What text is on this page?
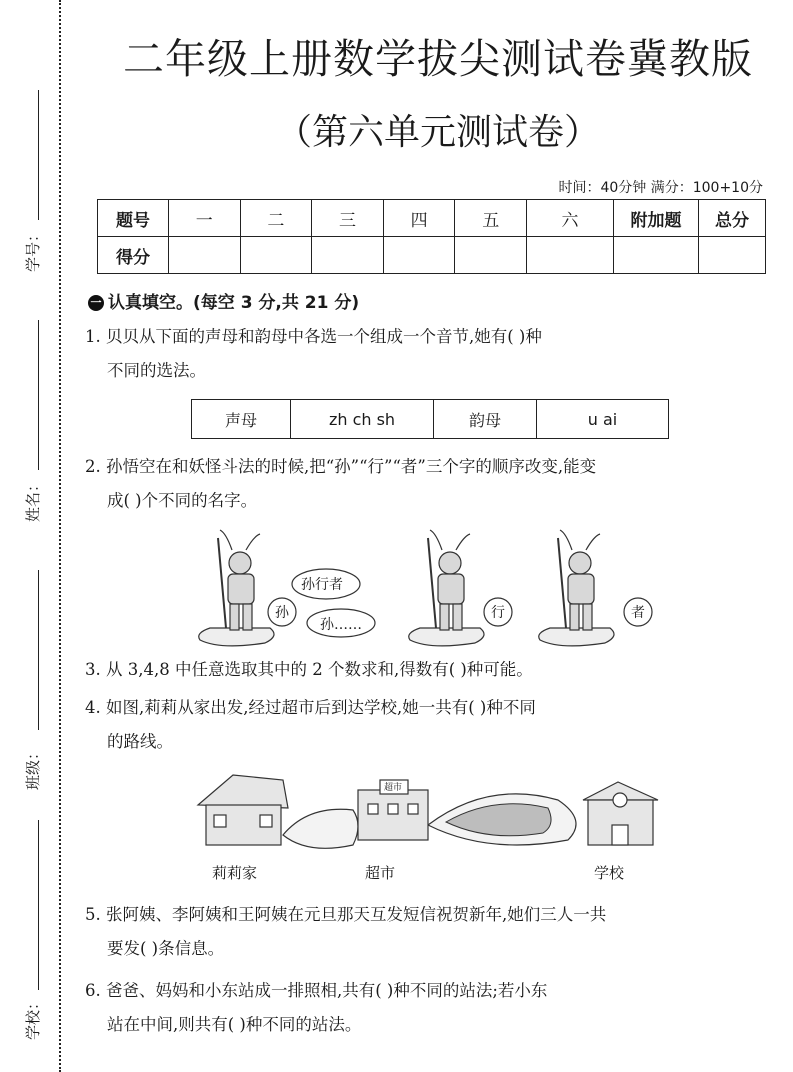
学号：
姓名：
班级：
学校：
二年级上册数学拔尖测试卷冀教版
（第六单元测试卷）
时间：40分钟 满分：100+10分
题号	一	二	三	四	五	六	附加题	总分
得分								
一 认真填空。(每空 3 分,共 21 分)
1. 贝贝从下面的声母和韵母中各选一个组成一个音节,她有( )种
不同的选法。
声母	zh ch sh	韵母	u ai
2. 孙悟空在和妖怪斗法的时候,把“孙”“行”“者”三个字的顺序改变,能变
成( )个不同的名字。
孙行者
孙……
孙	行	者
3. 从 3,4,8 中任意选取其中的 2 个数求和,得数有( )种可能。
4. 如图,莉莉从家出发,经过超市后到达学校,她一共有( )种不同
的路线。
超市
莉莉家	超市	学校
5. 张阿姨、李阿姨和王阿姨在元旦那天互发短信祝贺新年,她们三人一共
要发( )条信息。
6. 爸爸、妈妈和小东站成一排照相,共有( )种不同的站法;若小东
站在中间,则共有( )种不同的站法。
